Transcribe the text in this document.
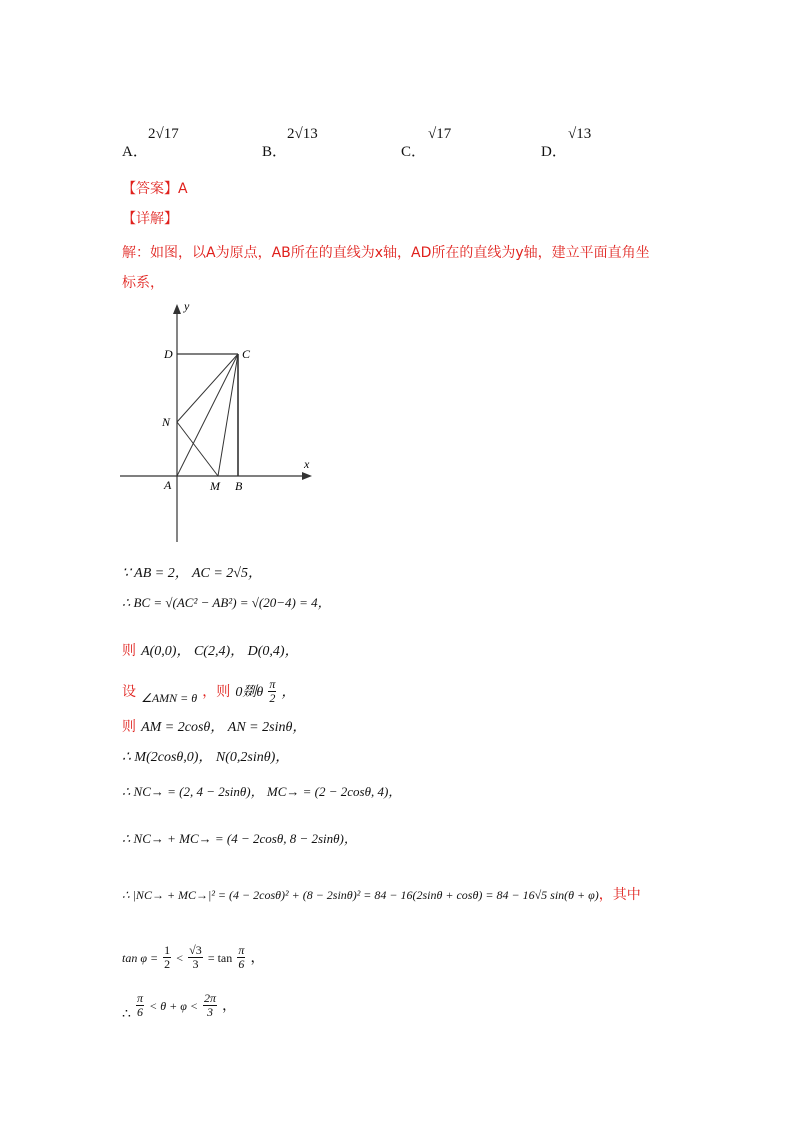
A．
2√17
B．
2√13
C．
√17
D．
√13
【答案】A
【详解】
解：如图，以A为原点，AB所在的直线为x轴，AD所在的直线为y轴，建立平面直角坐
标系，
y
x
D	C
N
A	M B
∵ AB = 2， AC = 2√5，
∴ BC = √(AC² − AB²) = √(20−4) = 4，
则 A(0,0)， C(2,4)， D(0,4)，
设 $_{\angle AMN = \theta}$ ，则 0剟θ $\frac{\pi}{2}$ ，
则 AM = 2cosθ， AN = 2sinθ，
∴ M(2cosθ,0)， N(0,2sinθ)，
∴ NC→ = (2, 4 − 2sinθ)， MC→ = (2 − 2cosθ, 4)，
∴ NC→ + MC→ = (4 − 2cosθ, 8 − 2sinθ)，
∴ |NC→ + MC→|² = (4 − 2cosθ)² + (8 − 2sinθ)² = 84 − 16(2sinθ + cosθ) = 84 − 16√5 sin(θ + φ)，其中
$\tan \varphi = \frac{1}{2} < \frac{√3}{3} = \tan \frac{\pi}{6}$ ，
∴ $\frac{\pi}{6} < \theta + \varphi < \frac{2\pi}{3}$ ，
